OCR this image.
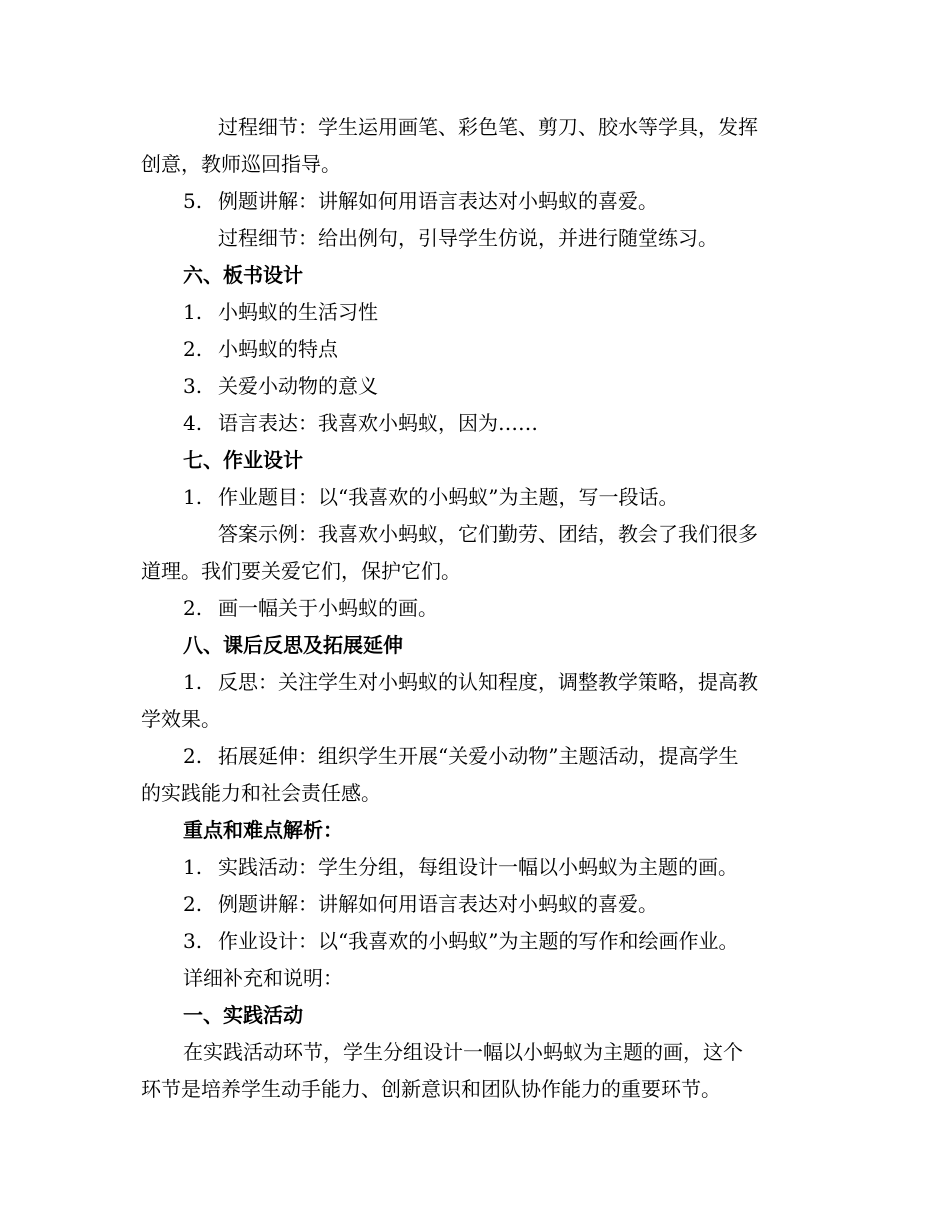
过程细节：学生运用画笔、彩色笔、剪刀、胶水等学具，发挥
创意，教师巡回指导。
5. 例题讲解：讲解如何用语言表达对小蚂蚁的喜爱。
过程细节：给出例句，引导学生仿说，并进行随堂练习。
六、板书设计
1. 小蚂蚁的生活习性
2. 小蚂蚁的特点
3. 关爱小动物的意义
4. 语言表达：我喜欢小蚂蚁，因为……
七、作业设计
1. 作业题目：以“我喜欢的小蚂蚁”为主题，写一段话。
答案示例：我喜欢小蚂蚁，它们勤劳、团结，教会了我们很多
道理。我们要关爱它们，保护它们。
2. 画一幅关于小蚂蚁的画。
八、课后反思及拓展延伸
1. 反思：关注学生对小蚂蚁的认知程度，调整教学策略，提高教
学效果。
2. 拓展延伸：组织学生开展“关爱小动物”主题活动，提高学生
的实践能力和社会责任感。
重点和难点解析：
1. 实践活动：学生分组，每组设计一幅以小蚂蚁为主题的画。
2. 例题讲解：讲解如何用语言表达对小蚂蚁的喜爱。
3. 作业设计：以“我喜欢的小蚂蚁”为主题的写作和绘画作业。
详细补充和说明：
一、实践活动
在实践活动环节，学生分组设计一幅以小蚂蚁为主题的画，这个
环节是培养学生动手能力、创新意识和团队协作能力的重要环节。
